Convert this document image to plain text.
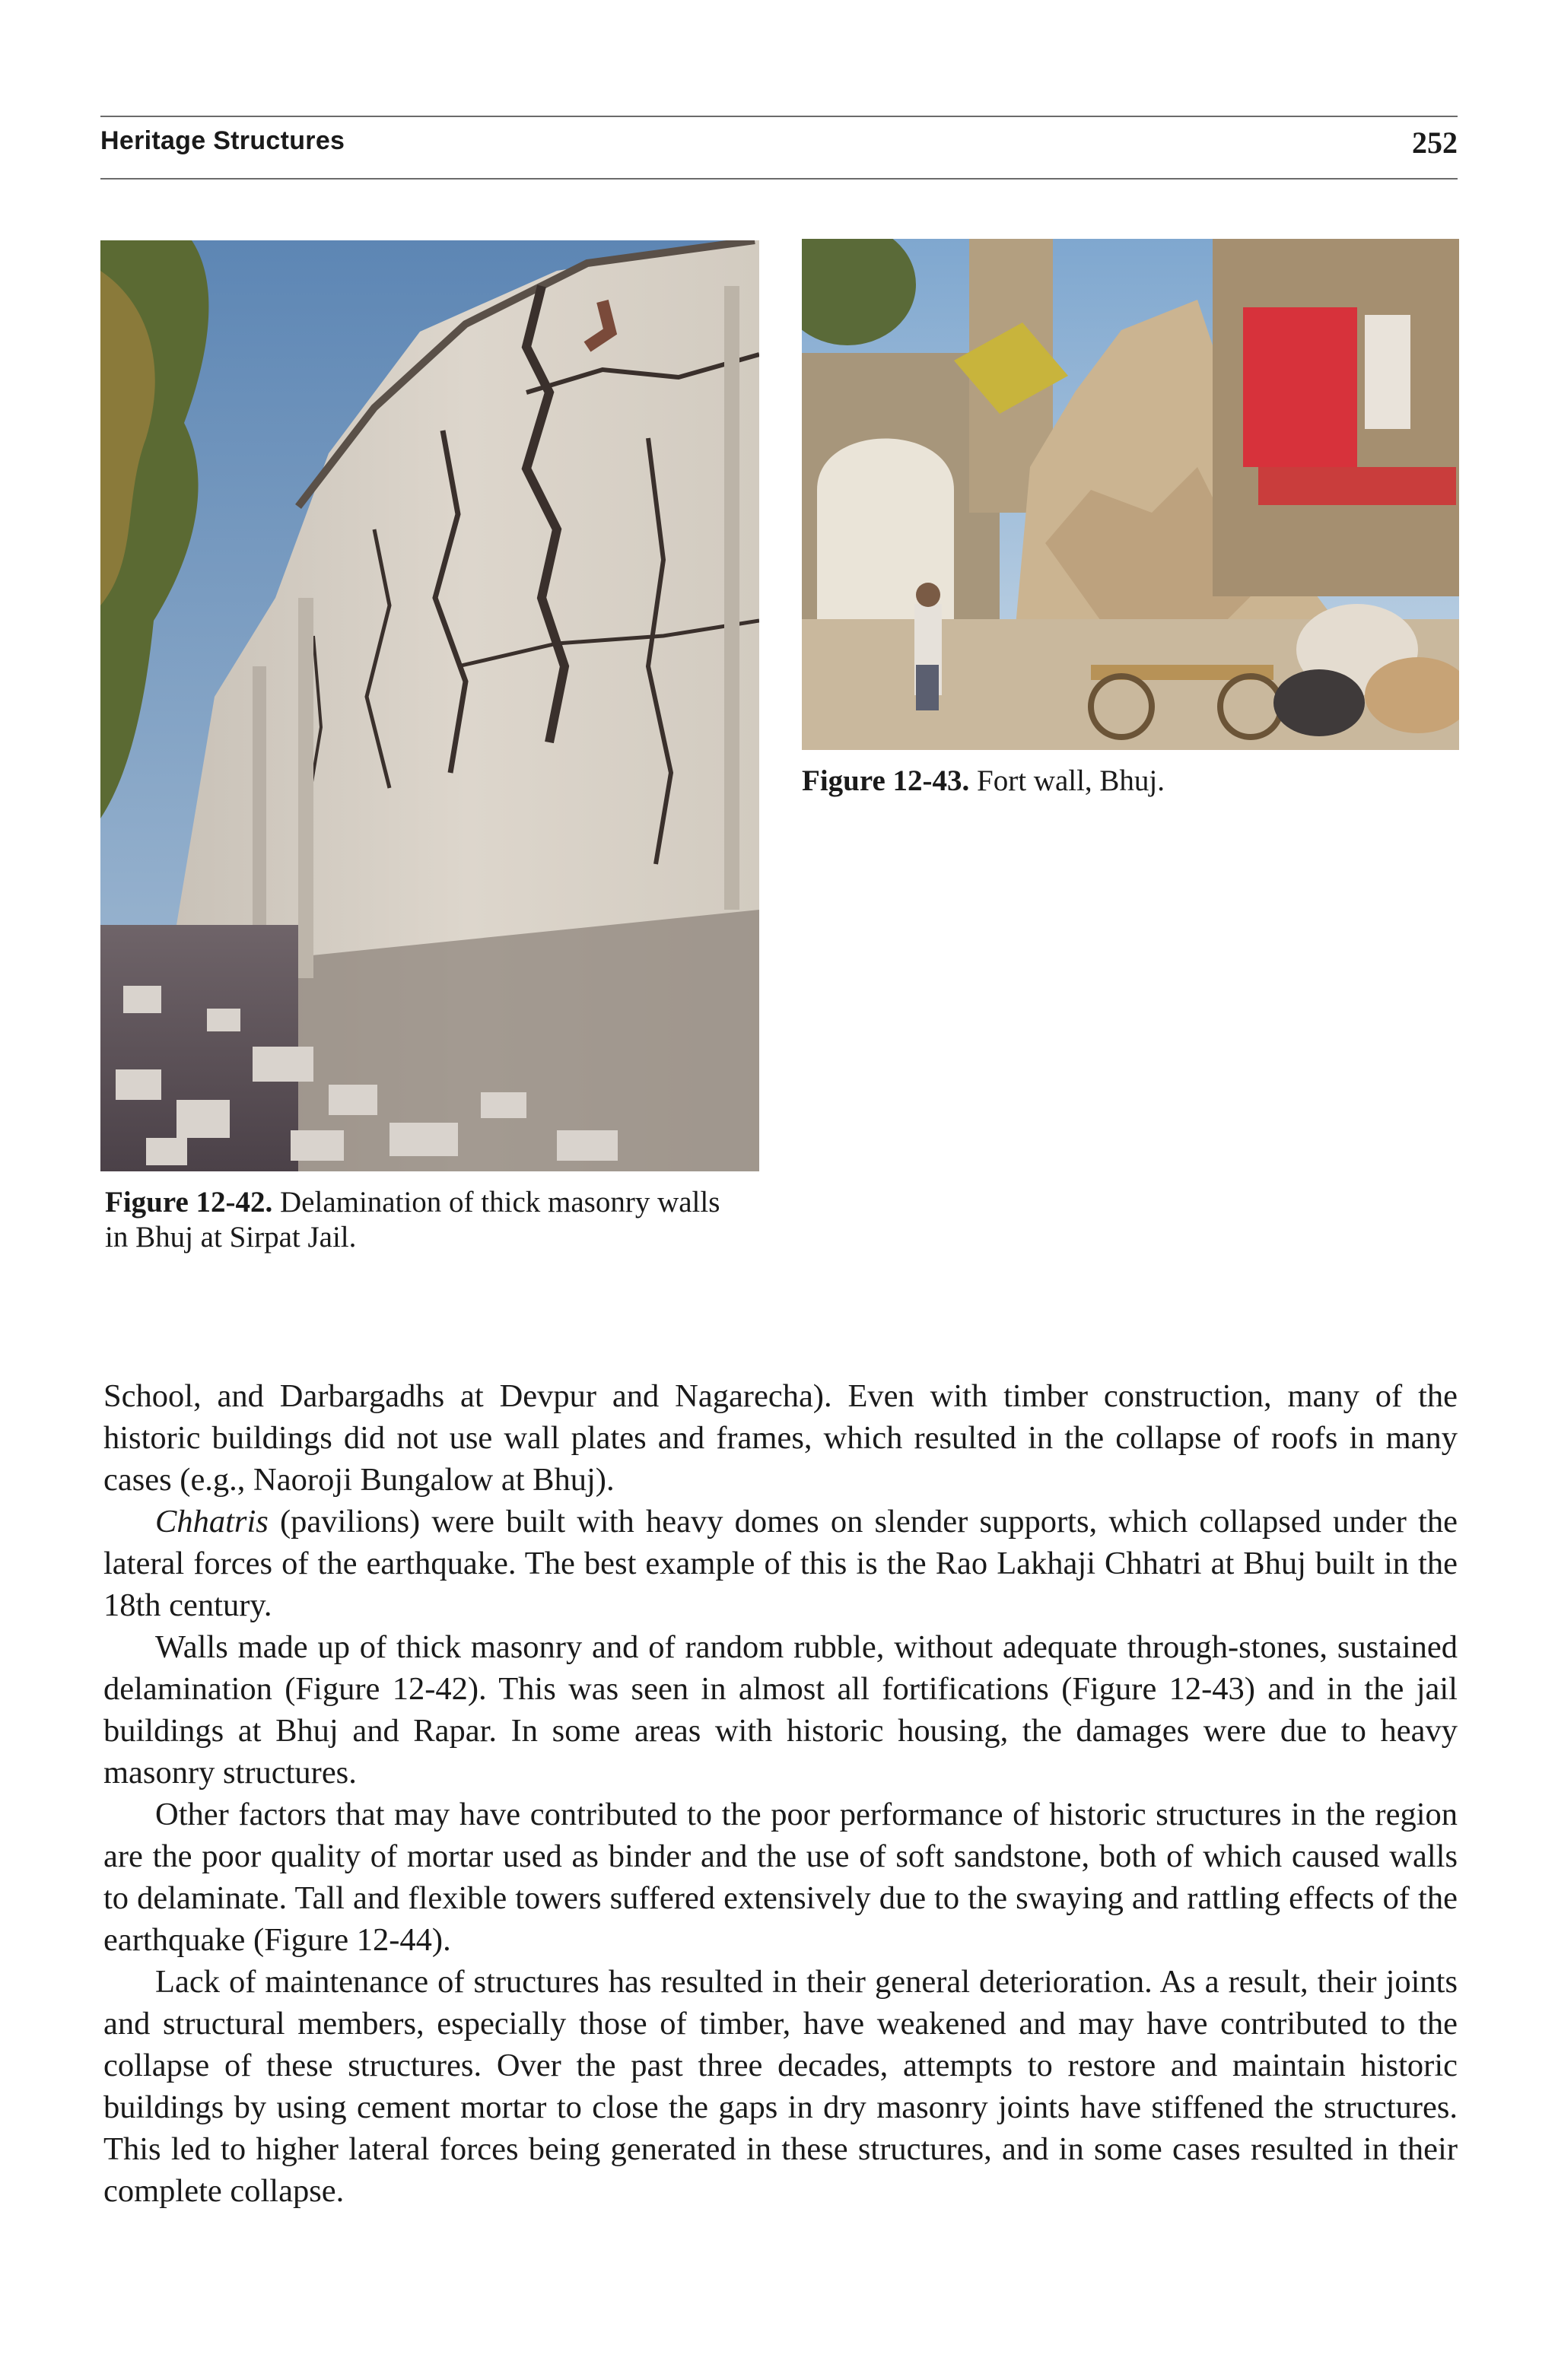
Heritage Structures	252
Figure 12-42. Delamination of thick masonry walls in Bhuj at Sirpat Jail.
Figure 12-43. Fort wall, Bhuj.

School, and Darbargadhs at Devpur and Nagarecha). Even with timber construction, many of the historic buildings did not use wall plates and frames, which resulted in the collapse of roofs in many cases (e.g., Naoroji Bungalow at Bhuj).

Chhatris (pavilions) were built with heavy domes on slender supports, which collapsed under the lateral forces of the earthquake. The best example of this is the Rao Lakhaji Chhatri at Bhuj built in the 18th century.

Walls made up of thick masonry and of random rubble, without adequate through-stones, sustained delamination (Figure 12-42). This was seen in almost all fortifications (Figure 12-43) and in the jail buildings at Bhuj and Rapar. In some areas with historic housing, the damages were due to heavy masonry structures.

Other factors that may have contributed to the poor performance of historic structures in the region are the poor quality of mortar used as binder and the use of soft sandstone, both of which caused walls to delaminate. Tall and flexible towers suffered extensively due to the swaying and rattling effects of the earthquake (Figure 12-44).

Lack of maintenance of structures has resulted in their general deterioration. As a result, their joints and structural members, especially those of timber, have weakened and may have contributed to the collapse of these structures. Over the past three decades, attempts to restore and maintain historic buildings by using cement mortar to close the gaps in dry masonry joints have stiffened the structures. This led to higher lateral forces being generated in these structures, and in some cases resulted in their complete collapse.
